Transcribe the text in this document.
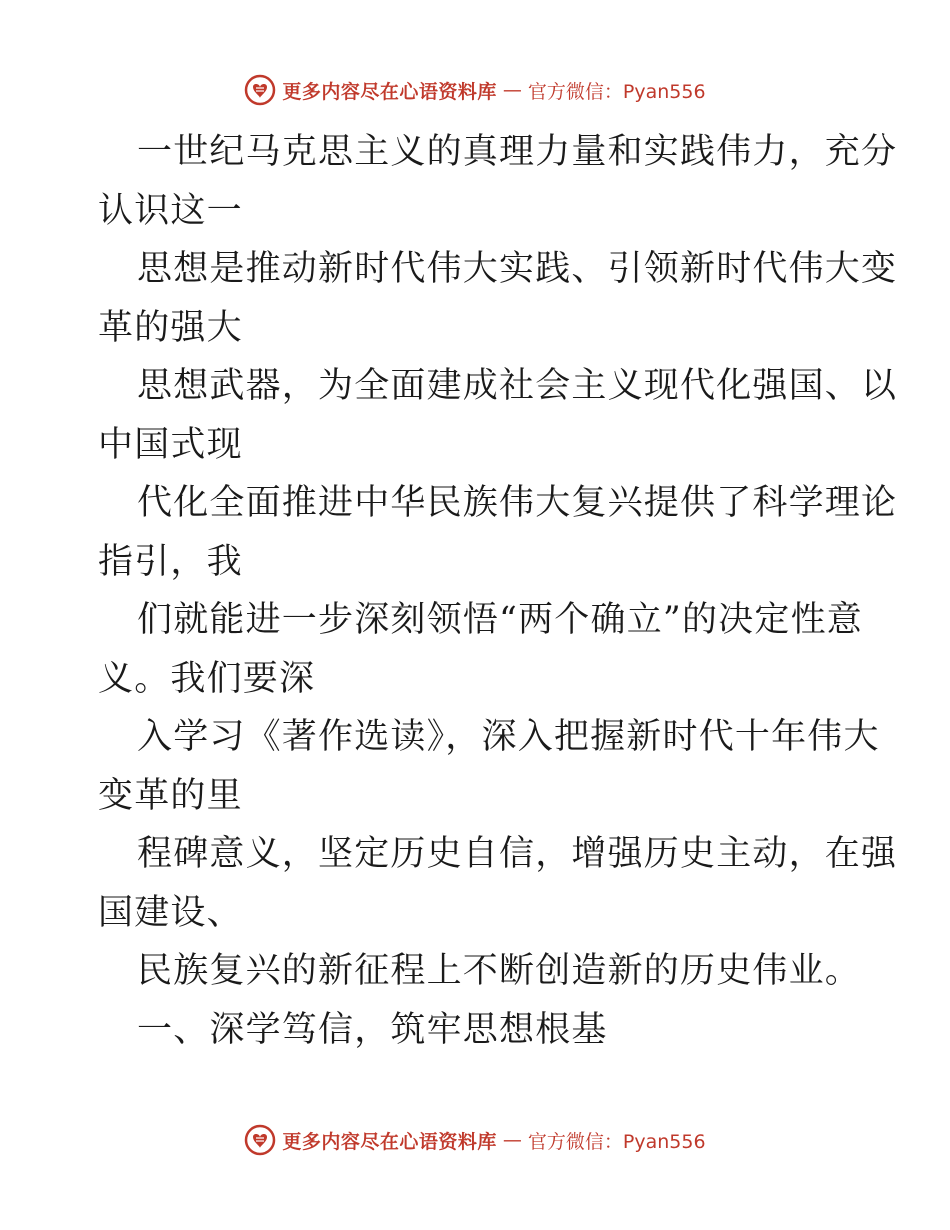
更多内容尽在心语资料库 — 官方微信：Pyan556
一世纪马克思主义的真理力量和实践伟力，充分
认识这一
思想是推动新时代伟大实践、引领新时代伟大变
革的强大
思想武器，为全面建成社会主义现代化强国、以
中国式现
代化全面推进中华民族伟大复兴提供了科学理论
指引，我
们就能进一步深刻领悟“两个确立”的决定性意
义。我们要深
入学习《著作选读》，深入把握新时代十年伟大
变革的里
程碑意义，坚定历史自信，增强历史主动，在强
国建设、
民族复兴的新征程上不断创造新的历史伟业。
一、深学笃信，筑牢思想根基
更多内容尽在心语资料库 — 官方微信：Pyan556
